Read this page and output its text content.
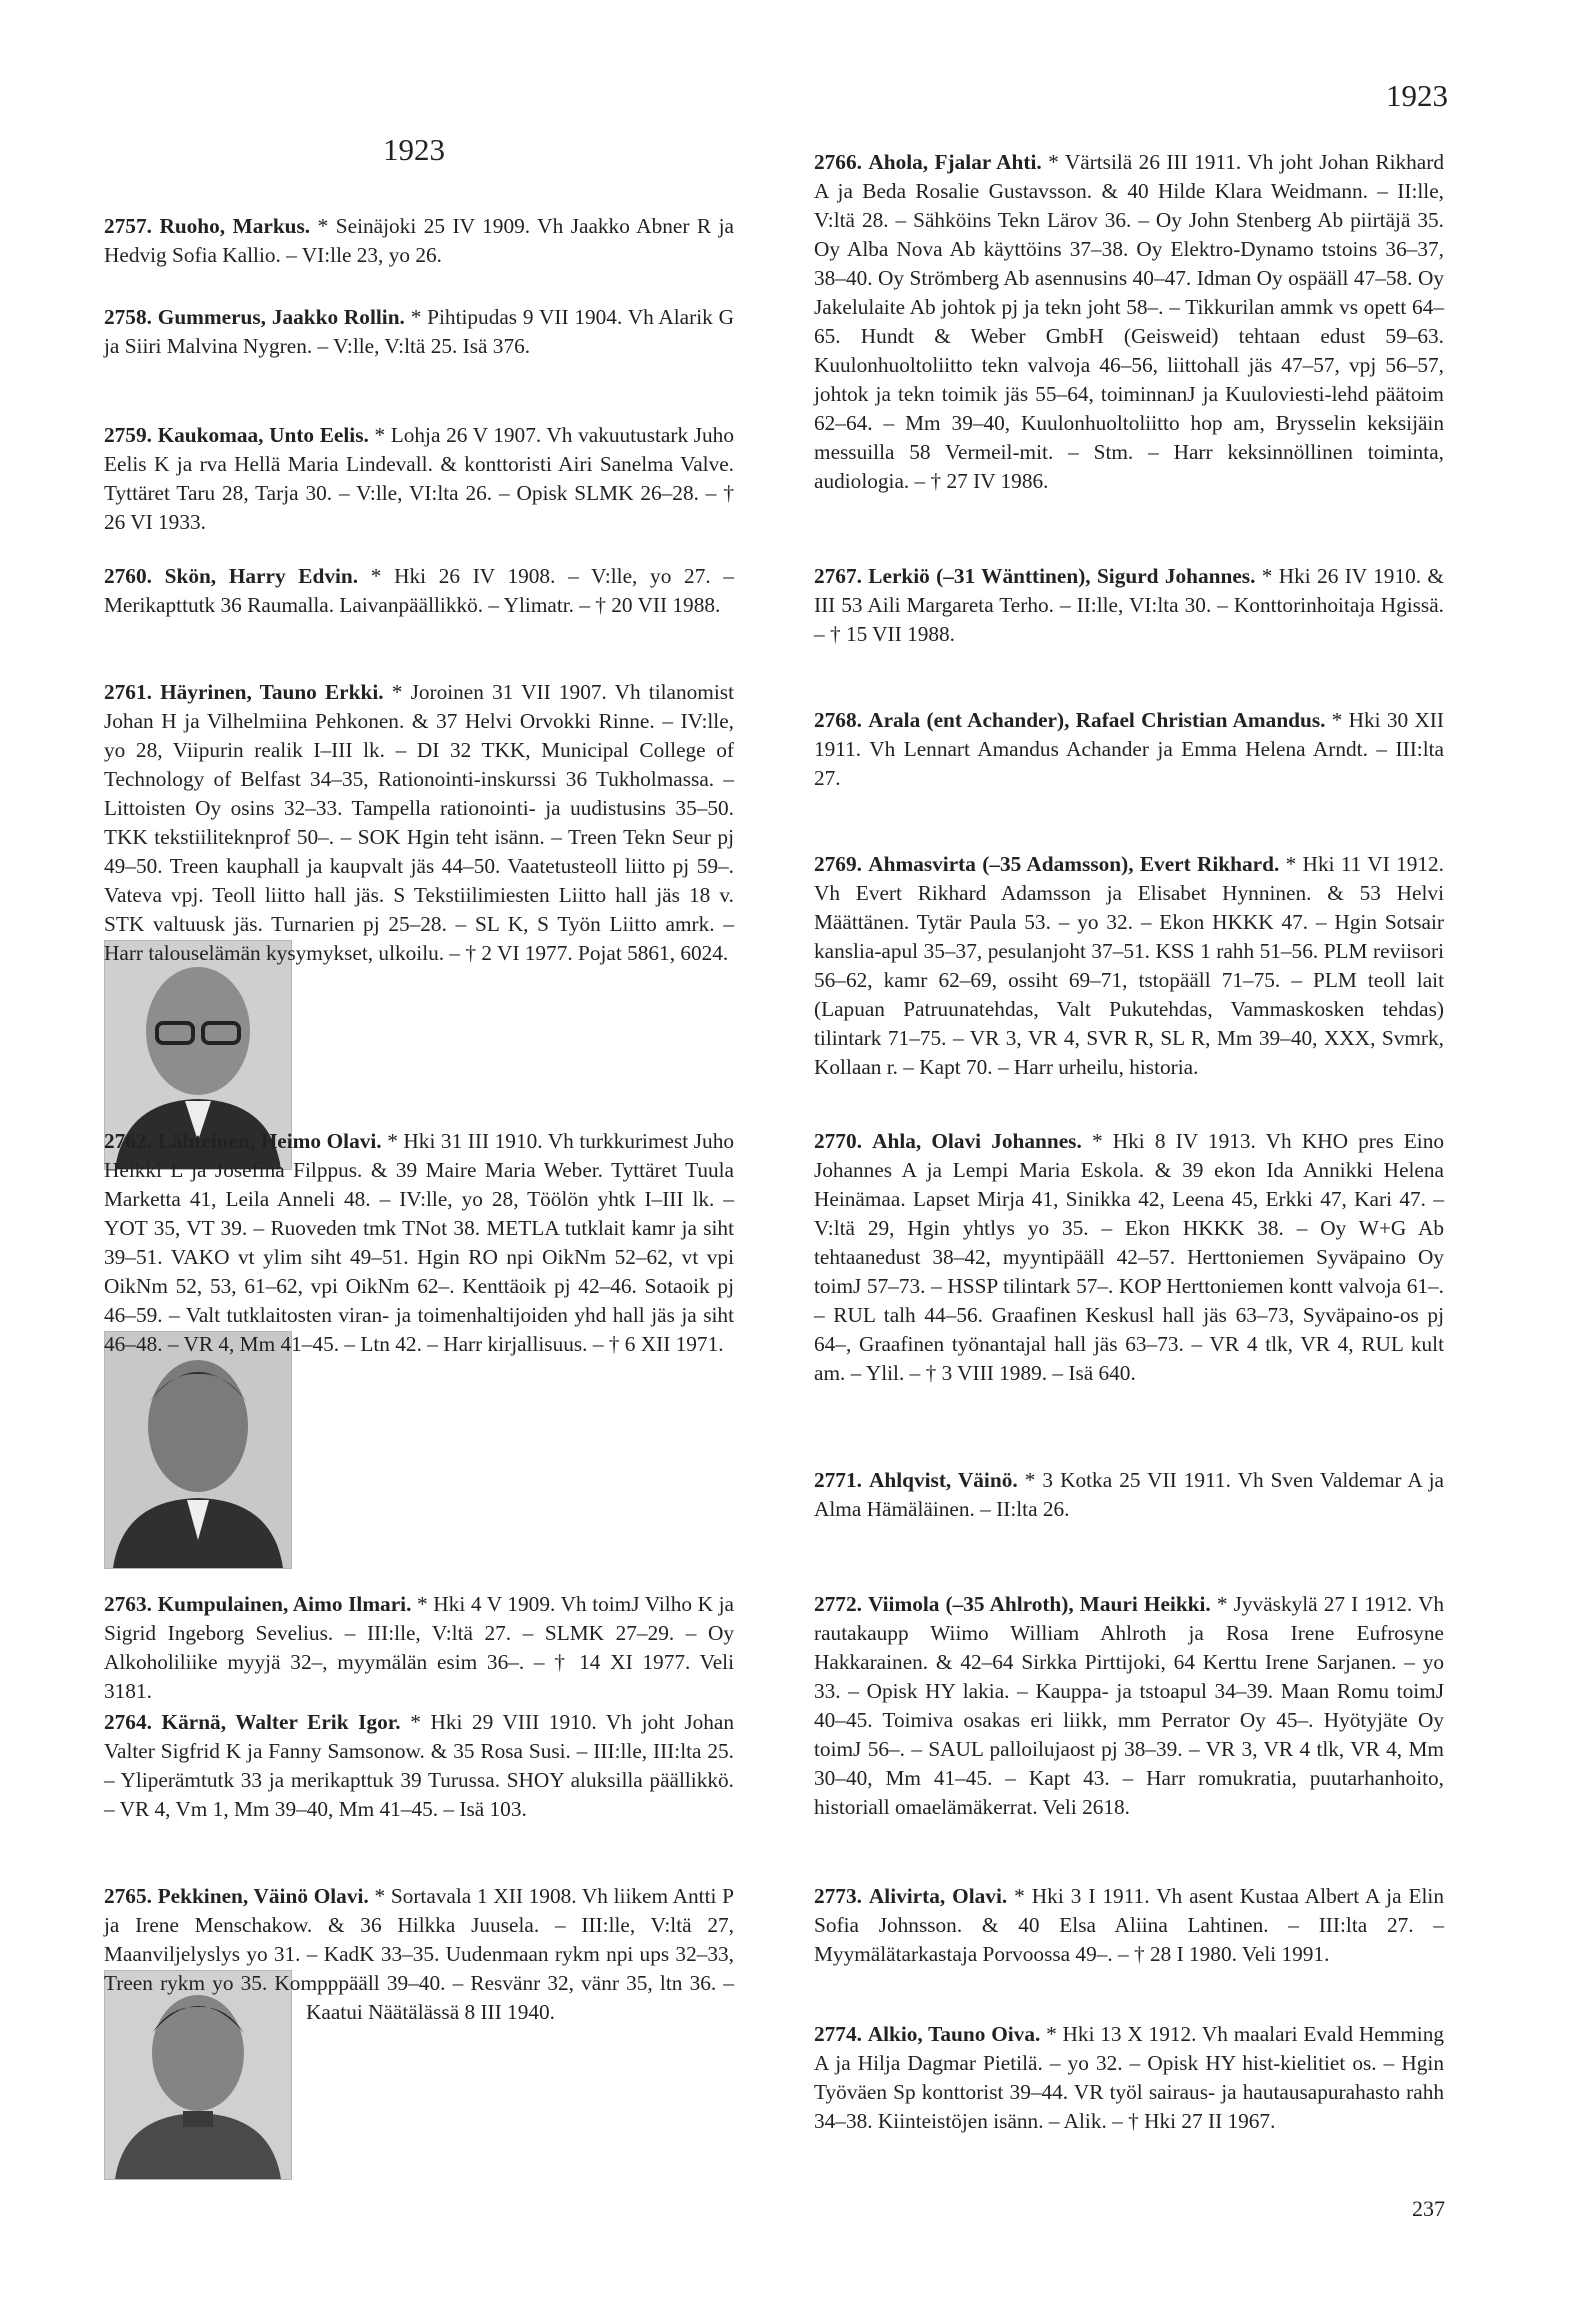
1923
1923
2757. Ruoho, Markus. * Seinäjoki 25 IV 1909. Vh Jaakko Abner R ja Hedvig Sofia Kallio. – VI:lle 23, yo 26.
2758. Gummerus, Jaakko Rollin. * Pihtipudas 9 VII 1904. Vh Alarik G ja Siiri Malvina Nygren. – V:lle, V:ltä 25. Isä 376.
2759. Kaukomaa, Unto Eelis. * Lohja 26 V 1907. Vh vakuutustark Juho Eelis K ja rva Hellä Maria Lindevall. & konttoristi Airi Sanelma Valve. Tyttäret Taru 28, Tarja 30. – V:lle, VI:lta 26. – Opisk SLMK 26–28. – † 26 VI 1933.
2760. Skön, Harry Edvin. * Hki 26 IV 1908. – V:lle, yo 27. – Merikapttutk 36 Raumalla. Laivanpäällikkö. – Ylimatr. – † 20 VII 1988.
2761. Häyrinen, Tauno Erkki. * Joroinen 31 VII 1907. Vh tilanomist Johan H ja Vilhelmiina Pehkonen. & 37 Helvi Orvokki Rinne. – IV:lle, yo 28, Viipurin realik I–III lk. – DI 32 TKK, Municipal College of Technology of Belfast 34–35, Rationointi-inskurssi 36 Tukholmassa. – Littoisten Oy osins 32–33. Tampella rationointi- ja uudistusins 35–50. TKK tekstiiliteknprof 50–. – SOK Hgin teht isänn. – Treen Tekn Seur pj 49–50. Treen kauphall ja kaupvalt jäs 44–50. Vaatetusteoll liitto pj 59–. Vateva vpj. Teoll liitto hall jäs. S Tekstiilimiesten Liitto hall jäs 18 v. STK valtuusk jäs. Turnarien pj 25–28. – SL K, S Työn Liitto amrk. – Harr talouselämän kysymykset, ulkoilu. – † 2 VI 1977. Pojat 5861, 6024.
2762. Lähteinen, Heimo Olavi. * Hki 31 III 1910. Vh turkkurimest Juho Heikki L ja Josefina Filppus. & 39 Maire Maria Weber. Tyttäret Tuula Marketta 41, Leila Anneli 48. – IV:lle, yo 28, Töölön yhtk I–III lk. – YOT 35, VT 39. – Ruoveden tmk TNot 38. METLA tutklait kamr ja siht 39–51. VAKO vt ylim siht 49–51. Hgin RO npi OikNm 52–62, vt vpi OikNm 52, 53, 61–62, vpi OikNm 62–. Kenttäoik pj 42–46. Sotaoik pj 46–59. – Valt tutklaitosten viran- ja toimenhaltijoiden yhd hall jäs ja siht 46–48. – VR 4, Mm 41–45. – Ltn 42. – Harr kirjallisuus. – † 6 XII 1971.
2763. Kumpulainen, Aimo Ilmari. * Hki 4 V 1909. Vh toimJ Vilho K ja Sigrid Ingeborg Sevelius. – III:lle, V:ltä 27. – SLMK 27–29. – Oy Alkoholiliike myyjä 32–, myymälän esim 36–. – † 14 XI 1977. Veli 3181.
2764. Kärnä, Walter Erik Igor. * Hki 29 VIII 1910. Vh joht Johan Valter Sigfrid K ja Fanny Samsonow. & 35 Rosa Susi. – III:lle, III:lta 25. – Yliperämtutk 33 ja merikapttuk 39 Turussa. SHOY aluksilla päällikkö. – VR 4, Vm 1, Mm 39–40, Mm 41–45. – Isä 103.
2765. Pekkinen, Väinö Olavi. * Sortavala 1 XII 1908. Vh liikem Antti P ja Irene Menschakow. & 36 Hilkka Juusela. – III:lle, V:ltä 27, Maanviljelyslys yo 31. – KadK 33–35. Uudenmaan rykm npi ups 32–33, Treen rykm yo 35. Kompppääll 39–40. – Resvänr 32, vänr 35, ltn 36. – Kaatui Näätälässä 8 III 1940.
2766. Ahola, Fjalar Ahti. * Värtsilä 26 III 1911. Vh joht Johan Rikhard A ja Beda Rosalie Gustavsson. & 40 Hilde Klara Weidmann. – II:lle, V:ltä 28. – Sähköins Tekn Lärov 36. – Oy John Stenberg Ab piirtäjä 35. Oy Alba Nova Ab käyttöins 37–38. Oy Elektro-Dynamo tstoins 36–37, 38–40. Oy Strömberg Ab asennusins 40–47. Idman Oy ospääll 47–58. Oy Jakelulaite Ab johtok pj ja tekn joht 58–. – Tikkurilan ammk vs opett 64–65. Hundt & Weber GmbH (Geisweid) tehtaan edust 59–63. Kuulonhuoltoliitto tekn valvoja 46–56, liittohall jäs 47–57, vpj 56–57, johtok ja tekn toimik jäs 55–64, toiminnanJ ja Kuuloviesti-lehd päätoim 62–64. – Mm 39–40, Kuulonhuoltoliitto hop am, Brysselin keksijäin messuilla 58 Vermeil-mit. – Stm. – Harr keksinnöllinen toiminta, audiologia. – † 27 IV 1986.
2767. Lerkiö (–31 Wänttinen), Sigurd Johannes. * Hki 26 IV 1910. & III 53 Aili Margareta Terho. – II:lle, VI:lta 30. – Konttorinhoitaja Hgissä. – † 15 VII 1988.
2768. Arala (ent Achander), Rafael Christian Amandus. * Hki 30 XII 1911. Vh Lennart Amandus Achander ja Emma Helena Arndt. – III:lta 27.
2769. Ahmasvirta (–35 Adamsson), Evert Rikhard. * Hki 11 VI 1912. Vh Evert Rikhard Adamsson ja Elisabet Hynninen. & 53 Helvi Määttänen. Tytär Paula 53. – yo 32. – Ekon HKKK 47. – Hgin Sotsair kanslia-apul 35–37, pesulanjoht 37–51. KSS 1 rahh 51–56. PLM reviisori 56–62, kamr 62–69, ossiht 69–71, tstopääll 71–75. – PLM teoll lait (Lapuan Patruunatehdas, Valt Pukutehdas, Vammaskosken tehdas) tilintark 71–75. – VR 3, VR 4, SVR R, SL R, Mm 39–40, XXX, Svmrk, Kollaan r. – Kapt 70. – Harr urheilu, historia.
2770. Ahla, Olavi Johannes. * Hki 8 IV 1913. Vh KHO pres Eino Johannes A ja Lempi Maria Eskola. & 39 ekon Ida Annikki Helena Heinämaa. Lapset Mirja 41, Sinikka 42, Leena 45, Erkki 47, Kari 47. – V:ltä 29, Hgin yhtlys yo 35. – Ekon HKKK 38. – Oy W+G Ab tehtaanedust 38–42, myyntipääll 42–57. Herttoniemen Syväpaino Oy toimJ 57–73. – HSSP tilintark 57–. KOP Herttoniemen kontt valvoja 61–. – RUL talh 44–56. Graafinen Keskusl hall jäs 63–73, Syväpaino-os pj 64–, Graafinen työnantajal hall jäs 63–73. – VR 4 tlk, VR 4, RUL kult am. – Ylil. – † 3 VIII 1989. – Isä 640.
2771. Ahlqvist, Väinö. * 3 Kotka 25 VII 1911. Vh Sven Valdemar A ja Alma Hämäläinen. – II:lta 26.
2772. Viimola (–35 Ahlroth), Mauri Heikki. * Jyväskylä 27 I 1912. Vh rautakaupp Wiimo William Ahlroth ja Rosa Irene Eufrosyne Hakkarainen. & 42–64 Sirkka Pirttijoki, 64 Kerttu Irene Sarjanen. – yo 33. – Opisk HY lakia. – Kauppa- ja tstoapul 34–39. Maan Romu toimJ 40–45. Toimiva osakas eri liikk, mm Perrator Oy 45–. Hyötyjäte Oy toimJ 56–. – SAUL palloilujaost pj 38–39. – VR 3, VR 4 tlk, VR 4, Mm 30–40, Mm 41–45. – Kapt 43. – Harr romukratia, puutarhanhoito, historiall omaelämäkerrat. Veli 2618.
2773. Alivirta, Olavi. * Hki 3 I 1911. Vh asent Kustaa Albert A ja Elin Sofia Johnsson. & 40 Elsa Aliina Lahtinen. – III:lta 27. – Myymälätarkastaja Porvoossa 49–. – † 28 I 1980. Veli 1991.
2774. Alkio, Tauno Oiva. * Hki 13 X 1912. Vh maalari Evald Hemming A ja Hilja Dagmar Pietilä. – yo 32. – Opisk HY hist-kielitiet os. – Hgin Työväen Sp konttorist 39–44. VR työl sairaus- ja hautausapurahasto rahh 34–38. Kiinteistöjen isänn. – Alik. – † Hki 27 II 1967.
237
